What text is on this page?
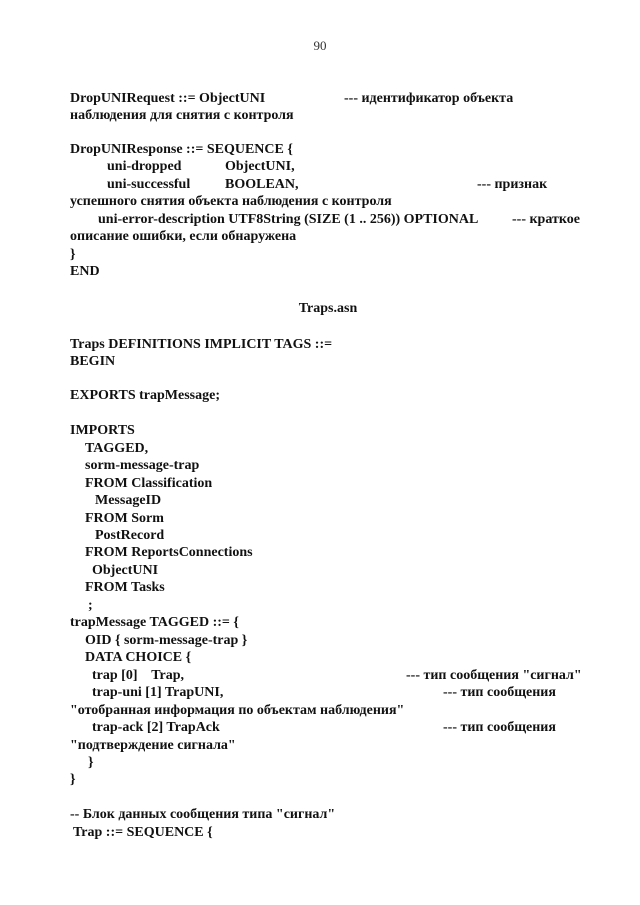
90
DropUNIRequest ::= ObjectUNI	--- идентификатор объекта
наблюдения для снятия с контроля
DropUNIResponse ::= SEQUENCE {
uni-dropped	ObjectUNI,
uni-successful BOOLEAN,	--- признак
успешного снятия объекта наблюдения с контроля
uni-error-description UTF8String (SIZE (1 .. 256)) OPTIONAL --- краткое
описание ошибки, если обнаружена
}
END
Traps.asn
Traps DEFINITIONS IMPLICIT TAGS ::=
BEGIN
EXPORTS trapMessage;
IMPORTS
TAGGED,
sorm-message-trap
FROM Classification
MessageID
FROM Sorm
PostRecord
FROM ReportsConnections
ObjectUNI
FROM Tasks
;
trapMessage TAGGED ::= {
OID { sorm-message-trap }
DATA CHOICE {
trap [0]    Trap,	--- тип сообщения "сигнал"
trap-uni [1] TrapUNI,	--- тип сообщения
"отобранная информация по объектам наблюдения"
trap-ack [2] TrapAck	--- тип сообщения
"подтверждение сигнала"
}
}
-- Блок данных сообщения типа "сигнал"
Trap ::= SEQUENCE {
